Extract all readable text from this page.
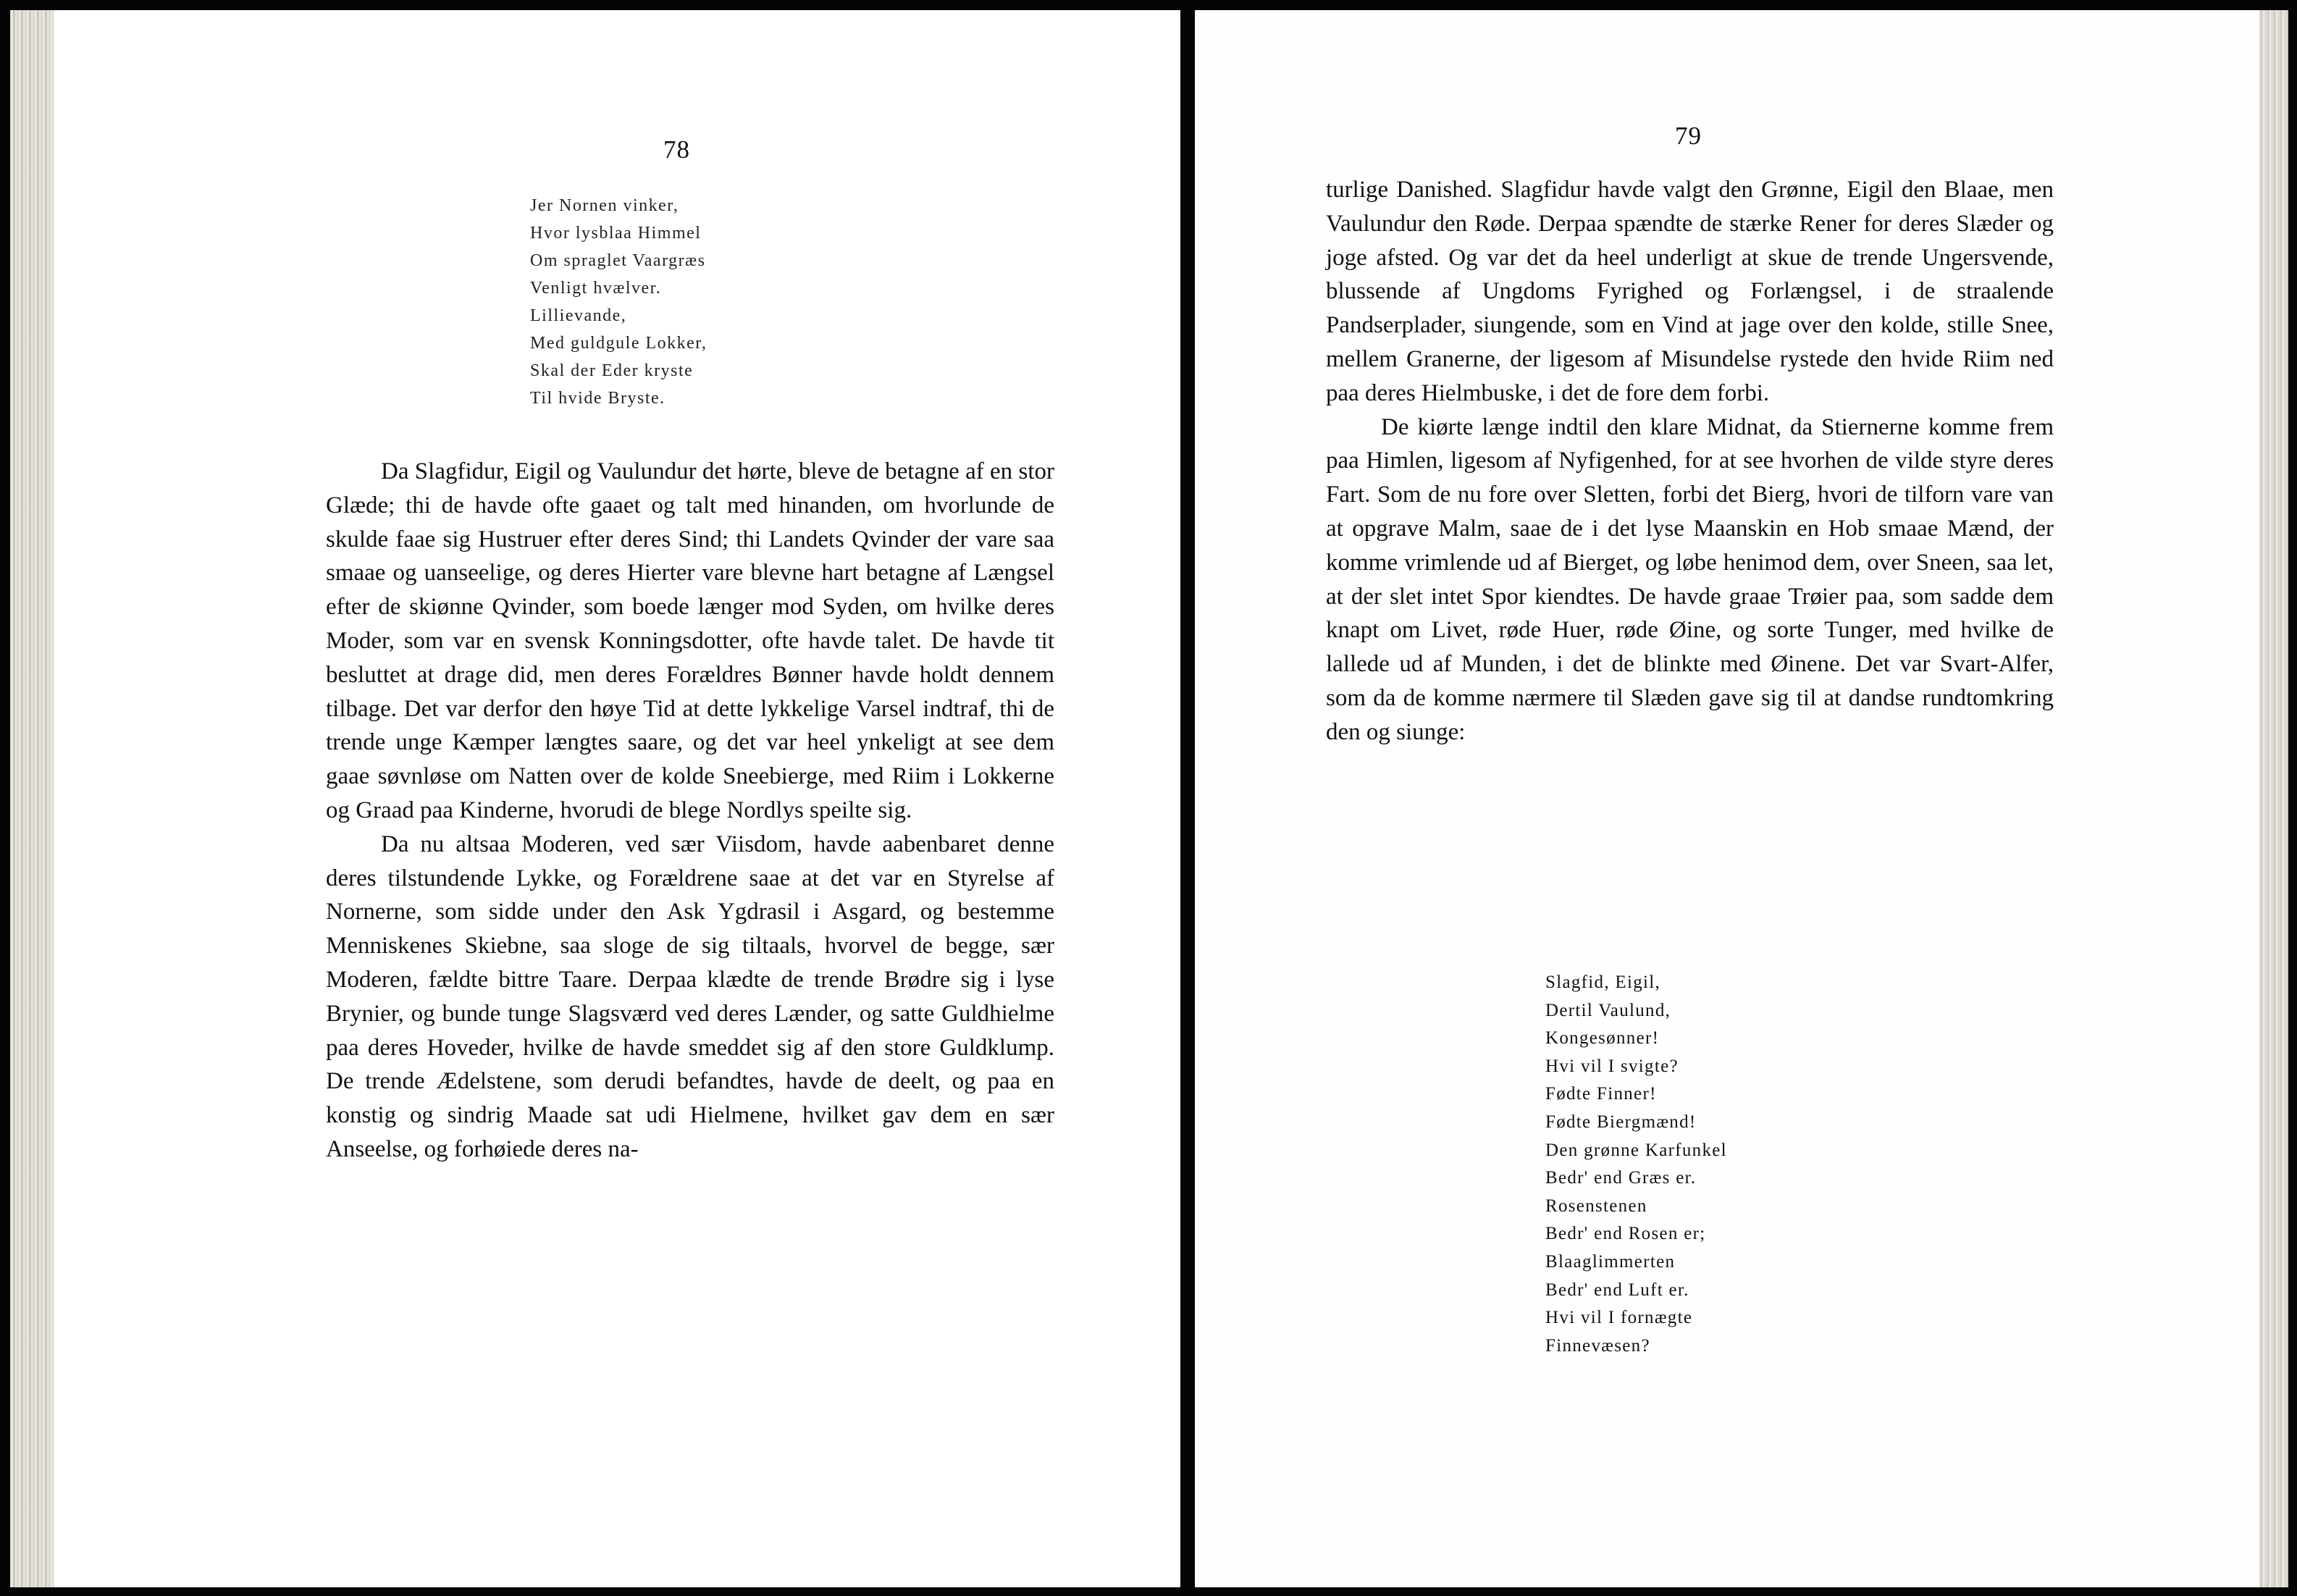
78
Jer Nornen vinker,
Hvor lysblaa Himmel
Om spraglet Vaargræs
Venligt hvælver.
Lillievande,
Med guldgule Lokker,
Skal der Eder kryste
Til hvide Bryste.

Da Slagfidur, Eigil og Vaulundur det hørte, bleve de betagne af en stor Glæde; thi de havde ofte gaaet og talt med hinanden, om hvorlunde de skulde faae sig Hustruer efter deres Sind; thi Landets Qvinder der vare saa smaae og uanseelige, og deres Hierter vare blevne hart betagne af Længsel efter de skiønne Qvinder, som boede længer mod Syden, om hvilke deres Moder, som var en svensk Konningsdotter, ofte havde talet. De havde tit besluttet at drage did, men deres Forældres Bønner havde holdt dennem tilbage. Det var derfor den høye Tid at dette lykkelige Varsel indtraf, thi de trende unge Kæmper længtes saare, og det var heel ynkeligt at see dem gaae søvnløse om Natten over de kolde Sneebierge, med Riim i Lokkerne og Graad paa Kinderne, hvorudi de blege Nordlys speilte sig.

Da nu altsaa Moderen, ved sær Viisdom, havde aabenbaret denne deres tilstundende Lykke, og Forældrene saae at det var en Styrelse af Nornerne, som sidde under den Ask Ygdrasil i Asgard, og bestemme Menniskenes Skiebne, saa sloge de sig tiltaals, hvorvel de begge, sær Moderen, fældte bittre Taare. Derpaa klædte de trende Brødre sig i lyse Brynier, og bunde tunge Slagsværd ved deres Lænder, og satte Guldhielme paa deres Hoveder, hvilke de havde smeddet sig af den store Guldklump. De trende Ædelstene, som derudi befandtes, havde de deelt, og paa en konstig og sindrig Maade sat udi Hielmene, hvilket gav dem en sær Anseelse, og forhøiede deres na-

79

turlige Danished. Slagfidur havde valgt den Grønne, Eigil den Blaae, men Vaulundur den Røde. Derpaa spændte de stærke Rener for deres Slæder og joge afsted. Og var det da heel underligt at skue de trende Ungersvende, blussende af Ungdoms Fyrighed og Forlængsel, i de straalende Pandserplader, siungende, som en Vind at jage over den kolde, stille Snee, mellem Granerne, der ligesom af Misundelse rystede den hvide Riim ned paa deres Hielmbuske, i det de fore dem forbi.

De kiørte længe indtil den klare Midnat, da Stiernerne komme frem paa Himlen, ligesom af Nyfigenhed, for at see hvorhen de vilde styre deres Fart. Som de nu fore over Sletten, forbi det Bierg, hvori de tilforn vare van at opgrave Malm, saae de i det lyse Maanskin en Hob smaae Mænd, der komme vrimlende ud af Bierget, og løbe henimod dem, over Sneen, saa let, at der slet intet Spor kiendtes. De havde graae Trøier paa, som sadde dem knapt om Livet, røde Huer, røde Øine, og sorte Tunger, med hvilke de lallede ud af Munden, i det de blinkte med Øinene. Det var Svart-Alfer, som da de komme nærmere til Slæden gave sig til at dandse rundtomkring den og siunge:

Slagfid, Eigil,
Dertil Vaulund,
Kongesønner!
Hvi vil I svigte?
Fødte Finner!
Fødte Biergmænd!
Den grønne Karfunkel
Bedr' end Græs er.
Rosenstenen
Bedr' end Rosen er;
Blaaglimmerten
Bedr' end Luft er.
Hvi vil I fornægte
Finnevæsen?
